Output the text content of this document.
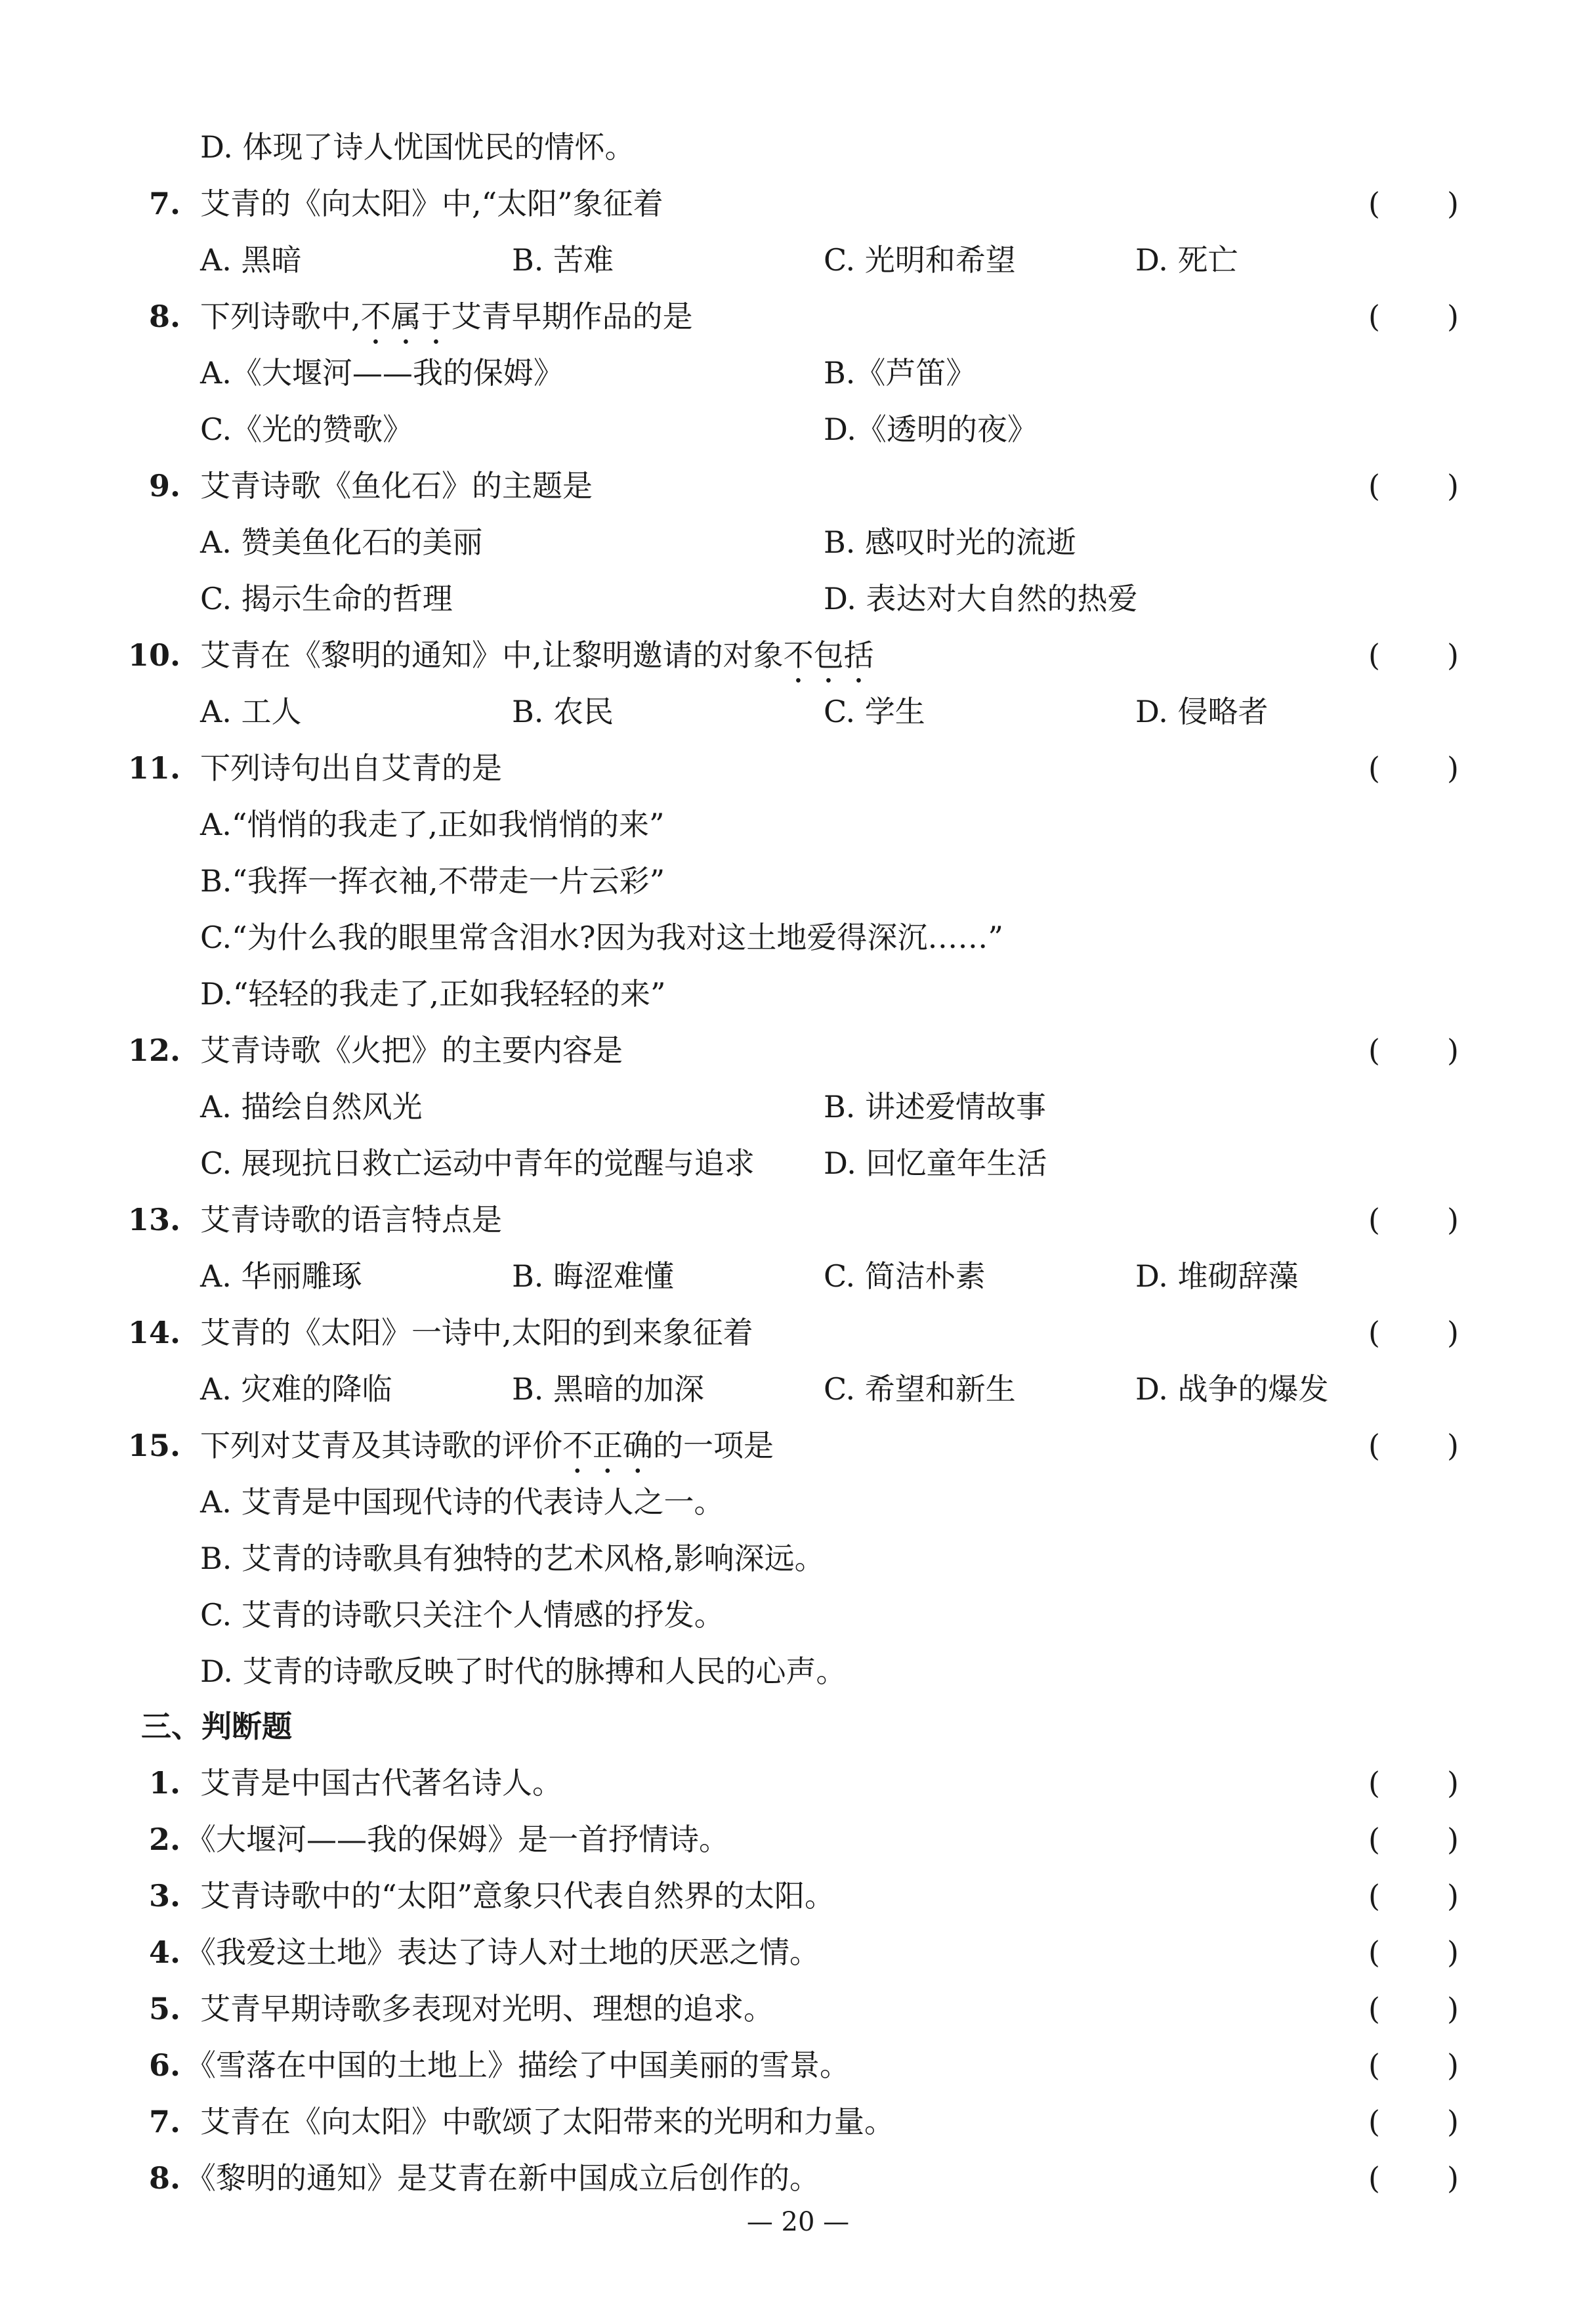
D. 体现了诗人忧国忧民的情怀。
7. 艾青的《向太阳》中,“太阳”象征着	( )
A. 黑暗	B. 苦难	C. 光明和希望	D. 死亡
8. 下列诗歌中,不属于艾青早期作品的是	( )
A.《大堰河——我的保姆》	B.《芦笛》
C.《光的赞歌》	D.《透明的夜》
9. 艾青诗歌《鱼化石》的主题是	( )
A. 赞美鱼化石的美丽	B. 感叹时光的流逝
C. 揭示生命的哲理	D. 表达对大自然的热爱
10. 艾青在《黎明的通知》中,让黎明邀请的对象不包括	( )
A. 工人	B. 农民	C. 学生	D. 侵略者
11. 下列诗句出自艾青的是	( )
A.“悄悄的我走了,正如我悄悄的来”
B.“我挥一挥衣袖,不带走一片云彩”
C.“为什么我的眼里常含泪水?因为我对这土地爱得深沉……”
D.“轻轻的我走了,正如我轻轻的来”
12. 艾青诗歌《火把》的主要内容是	( )
A. 描绘自然风光	B. 讲述爱情故事
C. 展现抗日救亡运动中青年的觉醒与追求 D. 回忆童年生活
13. 艾青诗歌的语言特点是	( )
A. 华丽雕琢	B. 晦涩难懂	C. 简洁朴素	D. 堆砌辞藻
14. 艾青的《太阳》一诗中,太阳的到来象征着	( )
A. 灾难的降临	B. 黑暗的加深	C. 希望和新生	D. 战争的爆发
15. 下列对艾青及其诗歌的评价不正确的一项是	( )
A. 艾青是中国现代诗的代表诗人之一。
B. 艾青的诗歌具有独特的艺术风格,影响深远。
C. 艾青的诗歌只关注个人情感的抒发。
D. 艾青的诗歌反映了时代的脉搏和人民的心声。
三、判断题
1. 艾青是中国古代著名诗人。	( )
2. 《大堰河——我的保姆》是一首抒情诗。	( )
3. 艾青诗歌中的“太阳”意象只代表自然界的太阳。	( )
4. 《我爱这土地》表达了诗人对土地的厌恶之情。	( )
5. 艾青早期诗歌多表现对光明、理想的追求。	( )
6. 《雪落在中国的土地上》描绘了中国美丽的雪景。	( )
7. 艾青在《向太阳》中歌颂了太阳带来的光明和力量。	( )
8. 《黎明的通知》是艾青在新中国成立后创作的。	( )
— 20 —
